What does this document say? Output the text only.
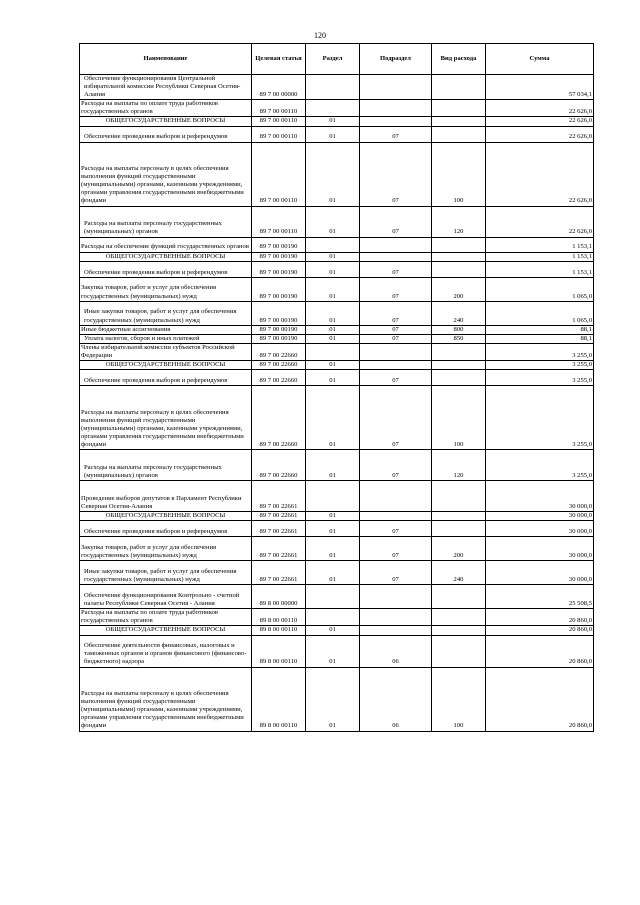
120
Наименование	Целевая статья	Раздел	Подраздел	Вид расхода	Сумма
Обеспечение функционирования Центральной избирательной комиссии Республики Северная Осетия-Алания	89 7 00 00000				57 034,1
Расходы на выплаты по оплате труда работников государственных органов	89 7 00 00110				22 626,0
ОБЩЕГОСУДАРСТВЕННЫЕ ВОПРОСЫ	89 7 00 00110	01			22 626,0
Обеспечение проведения выборов и референдумов	89 7 00 00110	01	07		22 626,0
Расходы на выплаты персоналу в целях обеспечения выполнения функций государственными (муниципальными) органами, казенными учреждениями, органами управления государственными внебюджетными фондами	89 7 00 00110	01	07	100	22 626,0
Расходы на выплаты персоналу государственных (муниципальных) органов	89 7 00 00110	01	07	120	22 626,0
Расходы на обеспечение функций государственных органов	89 7 00 00190				1 153,1
ОБЩЕГОСУДАРСТВЕННЫЕ ВОПРОСЫ	89 7 00 00190	01			1 153,1
Обеспечение проведения выборов и референдумов	89 7 00 00190	01	07		1 153,1
Закупка товаров, работ и услуг для обеспечения государственных (муниципальных) нужд	89 7 00 00190	01	07	200	1 065,0
Иные закупки товаров, работ и услуг для обеспечения государственных (муниципальных) нужд	89 7 00 00190	01	07	240	1 065,0
Иные бюджетные ассигнования	89 7 00 00190	01	07	800	88,1
Уплата налогов, сборов и иных платежей	89 7 00 00190	01	07	850	88,1
Члены избирательной комиссии субъектов Российской Федерации	89 7 00 22660				3 255,0
ОБЩЕГОСУДАРСТВЕННЫЕ ВОПРОСЫ	89 7 00 22660	01			3 255,0
Обеспечение проведения выборов и референдумов	89 7 00 22660	01	07		3 255,0
Расходы на выплаты персоналу в целях обеспечения выполнения функций государственными (муниципальными) органами, казенными учреждениями, органами управления государственными внебюджетными фондами	89 7 00 22660	01	07	100	3 255,0
Расходы на выплаты персоналу государственных (муниципальных) органов	89 7 00 22660	01	07	120	3 255,0
Проведение выборов депутатов в Парламент Республики Северная Осетия-Алания	89 7 00 22661				30 000,0
ОБЩЕГОСУДАРСТВЕННЫЕ ВОПРОСЫ	89 7 00 22661	01			30 000,0
Обеспечение проведения выборов и референдумов	89 7 00 22661	01	07		30 000,0
Закупка товаров, работ и услуг для обеспечения государственных (муниципальных) нужд	89 7 00 22661	01	07	200	30 000,0
Иные закупки товаров, работ и услуг для обеспечения государственных (муниципальных) нужд	89 7 00 22661	01	07	240	30 000,0
Обеспечение функционирования Контрольно - счетной палаты Республики Северная Осетия - Алания	89 8 00 00000				25 508,5
Расходы на выплаты по оплате труда работников государственных органов	89 8 00 00110				20 860,0
ОБЩЕГОСУДАРСТВЕННЫЕ ВОПРОСЫ	89 8 00 00110	01			20 860,0
Обеспечение деятельности финансовых, налоговых и таможенных органов и органов финансового (финансово-бюджетного) надзора	89 8 00 00110	01	06		20 860,0
Расходы на выплаты персоналу в целях обеспечения выполнения функций государственными (муниципальными) органами, казенными учреждениями, органами управления государственными внебюджетными фондами	89 8 00 00110	01	06	100	20 860,0
